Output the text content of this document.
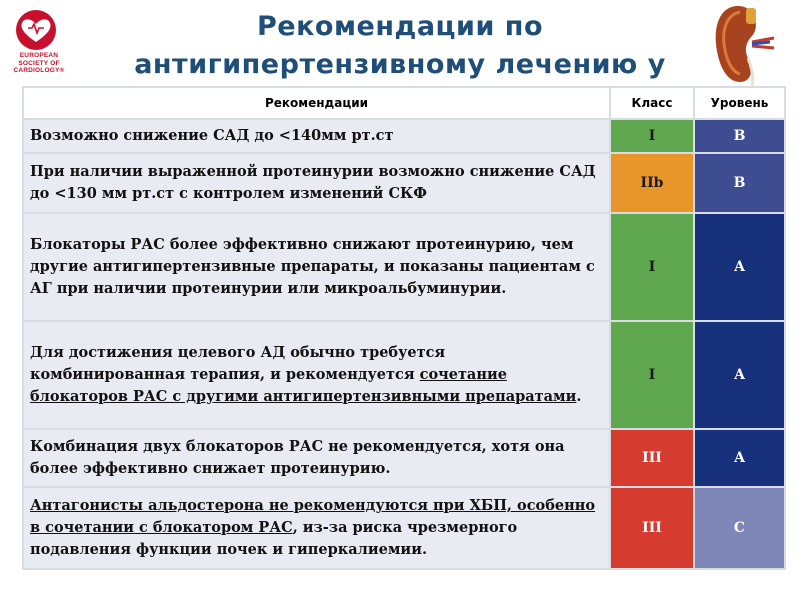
EUROPEAN
SOCIETY OF
CARDIOLOGY®
Рекомендации по
антигипертензивному лечению у
Рекомендации	Класс	Уровень
Возможно снижение САД до <140мм рт.ст	I	B
При наличии выраженной протеинурии возможно снижение САД до <130 мм рт.ст с контролем изменений СКФ	IIb	B
Блокаторы РАС более эффективно снижают протеинурию, чем другие антигипертензивные препараты, и показаны пациентам с АГ при наличии протеинурии или микроальбуминурии.	I	A
Для достижения целевого АД обычно требуется комбинированная терапия, и рекомендуется сочетание блокаторов РАС с другими антигипертензивными препаратами.	I	A
Комбинация двух блокаторов РАС не рекомендуется, хотя она более эффективно снижает протеинурию.	III	A
Антагонисты альдостерона не рекомендуются при ХБП, особенно в сочетании с блокатором РАС, из-за риска чрезмерного подавления функции почек и гиперкалиемии.	III	C
